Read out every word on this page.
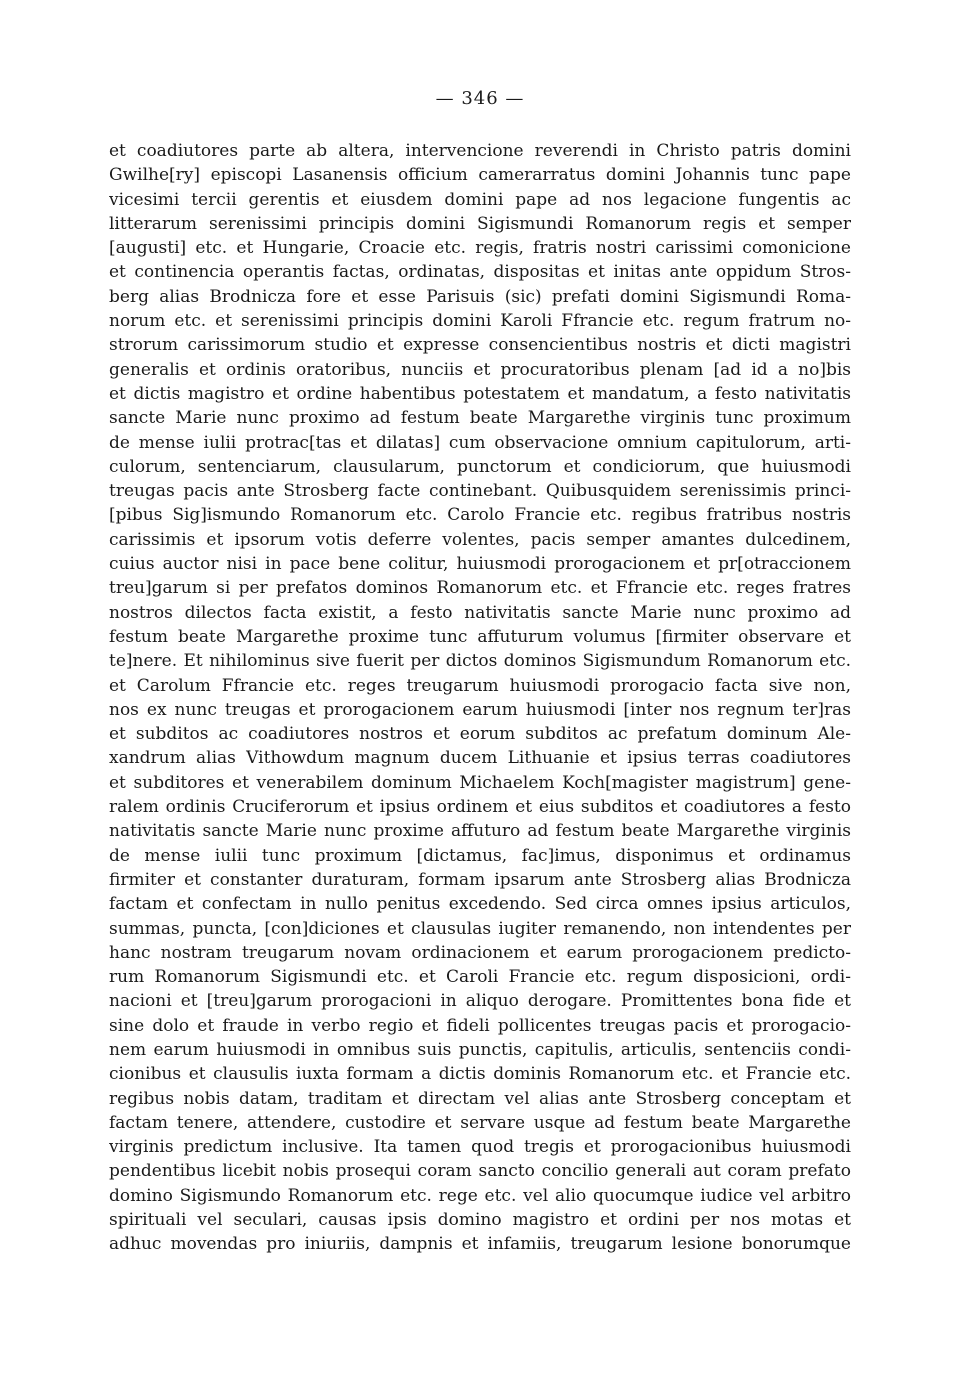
— 346 —
et coadiutores parte ab altera, intervencione reverendi in Christo patris domini
Gwilhe[ry] episcopi Lasanensis officium camerarratus domini Johannis tunc pape
vicesimi tercii gerentis et eiusdem domini pape ad nos legacione fungentis ac
litterarum serenissimi principis domini Sigismundi Romanorum regis et semper
[augusti] etc. et Hungarie, Croacie etc. regis, fratris nostri carissimi comonicione
et continencia operantis factas, ordinatas, dispositas et initas ante oppidum Stros-
berg alias Brodnicza fore et esse Parisuis (sic) prefati domini Sigismundi Roma-
norum etc. et serenissimi principis domini Karoli Ffrancie etc. regum fratrum no-
strorum carissimorum studio et expresse consencientibus nostris et dicti magistri
generalis et ordinis oratoribus, nunciis et procuratoribus plenam [ad id a no]bis
et dictis magistro et ordine habentibus potestatem et mandatum, a festo nativitatis
sancte Marie nunc proximo ad festum beate Margarethe virginis tunc proximum
de mense iulii protrac[tas et dilatas] cum observacione omnium capitulorum, arti-
culorum, sentenciarum, clausularum, punctorum et condiciorum, que huiusmodi
treugas pacis ante Strosberg facte continebant. Quibusquidem serenissimis princi-
[pibus Sig]ismundo Romanorum etc. Carolo Francie etc. regibus fratribus nostris
carissimis et ipsorum votis deferre volentes, pacis semper amantes dulcedinem,
cuius auctor nisi in pace bene colitur, huiusmodi prorogacionem et pr[otraccionem
treu]garum si per prefatos dominos Romanorum etc. et Ffrancie etc. reges fratres
nostros dilectos facta existit, a festo nativitatis sancte Marie nunc proximo ad
festum beate Margarethe proxime tunc affuturum volumus [firmiter observare et
te]nere. Et nihilominus sive fuerit per dictos dominos Sigismundum Romanorum etc.
et Carolum Ffrancie etc. reges treugarum huiusmodi prorogacio facta sive non,
nos ex nunc treugas et prorogacionem earum huiusmodi [inter nos regnum ter]ras
et subditos ac coadiutores nostros et eorum subditos ac prefatum dominum Ale-
xandrum alias Vithowdum magnum ducem Lithuanie et ipsius terras coadiutores
et subditores et venerabilem dominum Michaelem Koch[magister magistrum] gene-
ralem ordinis Cruciferorum et ipsius ordinem et eius subditos et coadiutores a festo
nativitatis sancte Marie nunc proxime affuturo ad festum beate Margarethe virginis
de mense iulii tunc proximum [dictamus, fac]imus, disponimus et ordinamus
firmiter et constanter duraturam, formam ipsarum ante Strosberg alias Brodnicza
factam et confectam in nullo penitus excedendo. Sed circa omnes ipsius articulos,
summas, puncta, [con]diciones et clausulas iugiter remanendo, non intendentes per
hanc nostram treugarum novam ordinacionem et earum prorogacionem predicto-
rum Romanorum Sigismundi etc. et Caroli Francie etc. regum disposicioni, ordi-
nacioni et [treu]garum prorogacioni in aliquo derogare. Promittentes bona fide et
sine dolo et fraude in verbo regio et fideli pollicentes treugas pacis et prorogacio-
nem earum huiusmodi in omnibus suis punctis, capitulis, articulis, sentenciis condi-
cionibus et clausulis iuxta formam a dictis dominis Romanorum etc. et Francie etc.
regibus nobis datam, traditam et directam vel alias ante Strosberg conceptam et
factam tenere, attendere, custodire et servare usque ad festum beate Margarethe
virginis predictum inclusive. Ita tamen quod tregis et prorogacionibus huiusmodi
pendentibus licebit nobis prosequi coram sancto concilio generali aut coram prefato
domino Sigismundo Romanorum etc. rege etc. vel alio quocumque iudice vel arbitro
spirituali vel seculari, causas ipsis domino magistro et ordini per nos motas et
adhuc movendas pro iniuriis, dampnis et infamiis, treugarum lesione bonorumque
